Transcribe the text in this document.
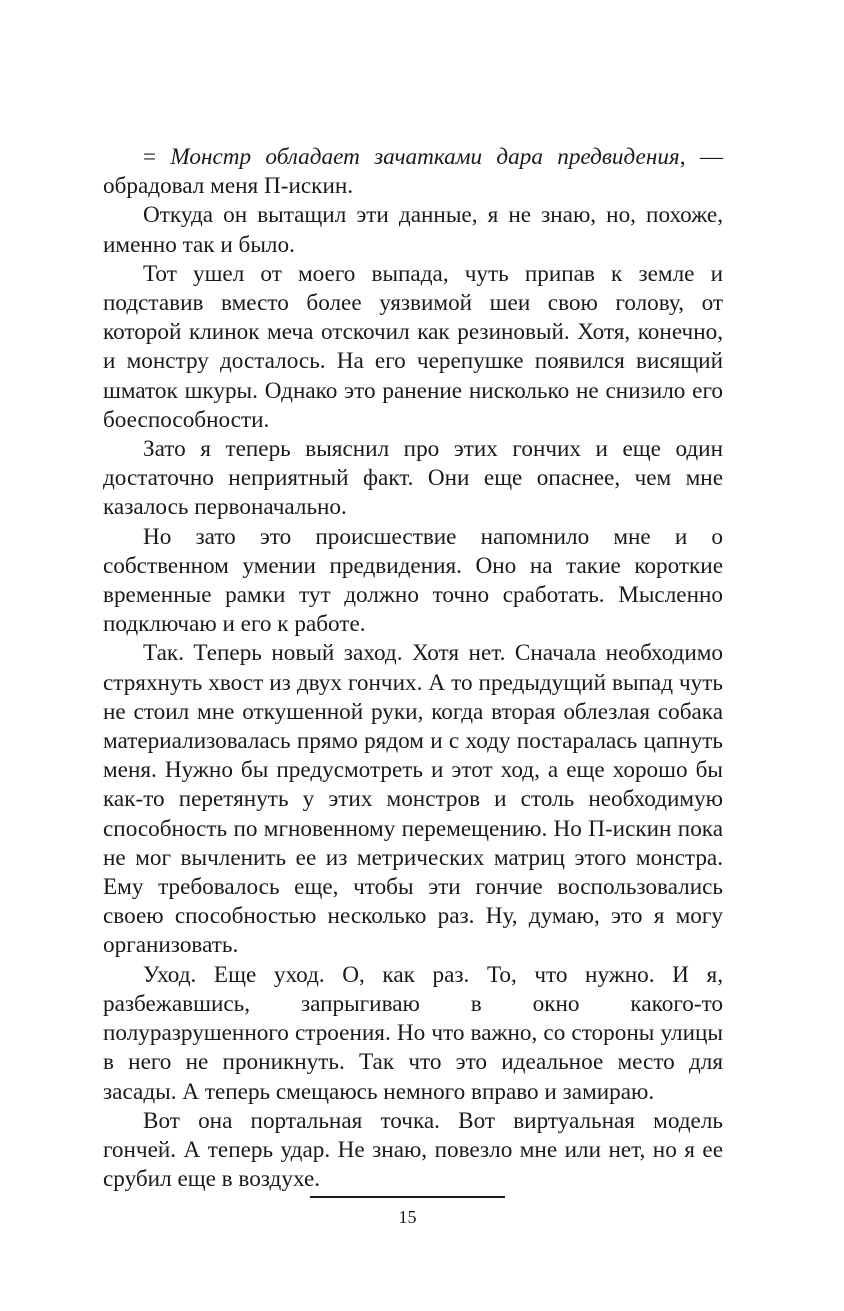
= Монстр обладает зачатками дара предвидения, — обрадовал меня П-искин.

Откуда он вытащил эти данные, я не знаю, но, похоже, именно так и было.

Тот ушел от моего выпада, чуть припав к земле и подставив вместо более уязвимой шеи свою голову, от которой клинок меча отскочил как резиновый. Хотя, конечно, и монстру досталось. На его черепушке появился висящий шматок шкуры. Однако это ранение нисколько не снизило его боеспособности.

Зато я теперь выяснил про этих гончих и еще один достаточно неприятный факт. Они еще опаснее, чем мне казалось первоначально.

Но зато это происшествие напомнило мне и о собственном умении предвидения. Оно на такие короткие временные рамки тут должно точно сработать. Мысленно подключаю и его к работе.

Так. Теперь новый заход. Хотя нет. Сначала необходимо стряхнуть хвост из двух гончих. А то предыдущий выпад чуть не стоил мне откушенной руки, когда вторая облезлая собака материализовалась прямо рядом и с ходу постаралась цапнуть меня. Нужно бы предусмотреть и этот ход, а еще хорошо бы как-то перетянуть у этих монстров и столь необходимую способность по мгновенному перемещению. Но П-искин пока не мог вычленить ее из метрических матриц этого монстра. Ему требовалось еще, чтобы эти гончие воспользовались своею способностью несколько раз. Ну, думаю, это я могу организовать.

Уход. Еще уход. О, как раз. То, что нужно. И я, разбежавшись, запрыгиваю в окно какого-то полуразрушенного строения. Но что важно, со стороны улицы в него не проникнуть. Так что это идеальное место для засады. А теперь смещаюсь немного вправо и замираю.

Вот она портальная точка. Вот виртуальная модель гончей. А теперь удар. Не знаю, повезло мне или нет, но я ее срубил еще в воздухе.

15
